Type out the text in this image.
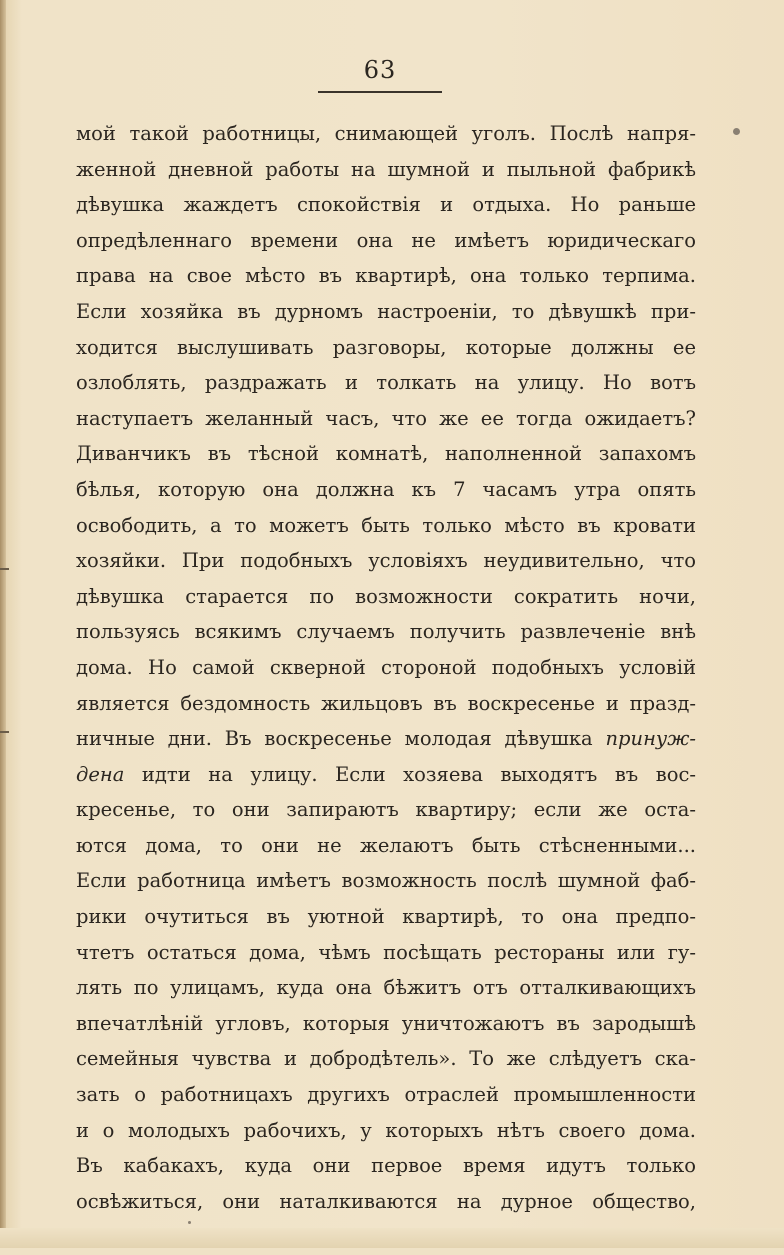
63
мой такой работницы, снимающей уголъ. Послѣ напря-
женной дневной работы на шумной и пыльной фабрикѣ
дѣвушка жаждетъ спокойствія и отдыха. Но раньше
опредѣленнаго времени она не имѣетъ юридическаго
права на свое мѣсто въ квартирѣ, она только терпима.
Если хозяйка въ дурномъ настроеніи, то дѣвушкѣ при-
ходится выслушивать разговоры, которые должны ее
озлоблять, раздражать и толкать на улицу. Но вотъ
наступаетъ желанный часъ, что же ее тогда ожидаетъ?
Диванчикъ въ тѣсной комнатѣ, наполненной запахомъ
бѣлья, которую она должна къ 7 часамъ утра опять
освободить, а то можетъ быть только мѣсто въ кровати
хозяйки. При подобныхъ условіяхъ неудивительно, что
дѣвушка старается по возможности сократить ночи,
пользуясь всякимъ случаемъ получить развлеченіе внѣ
дома. Но самой скверной стороной подобныхъ условій
является бездомность жильцовъ въ воскресенье и празд-
ничные дни. Въ воскресенье молодая дѣвушка принуж-
дена идти на улицу. Если хозяева выходятъ въ вос-
кресенье, то они запираютъ квартиру; если же оста-
ются дома, то они не желаютъ быть стѣсненными...
Если работница имѣетъ возможность послѣ шумной фаб-
рики очутиться въ уютной квартирѣ, то она предпо-
чтетъ остаться дома, чѣмъ посѣщать рестораны или гу-
лять по улицамъ, куда она бѣжитъ отъ отталкивающихъ
впечатлѣній угловъ, которыя уничтожаютъ въ зародышѣ
семейныя чувства и добродѣтель». То же слѣдуетъ ска-
зать о работницахъ другихъ отраслей промышленности
и о молодыхъ рабочихъ, у которыхъ нѣтъ своего дома.
Въ кабакахъ, куда они первое время идутъ только
освѣжиться, они наталкиваются на дурное общество,
